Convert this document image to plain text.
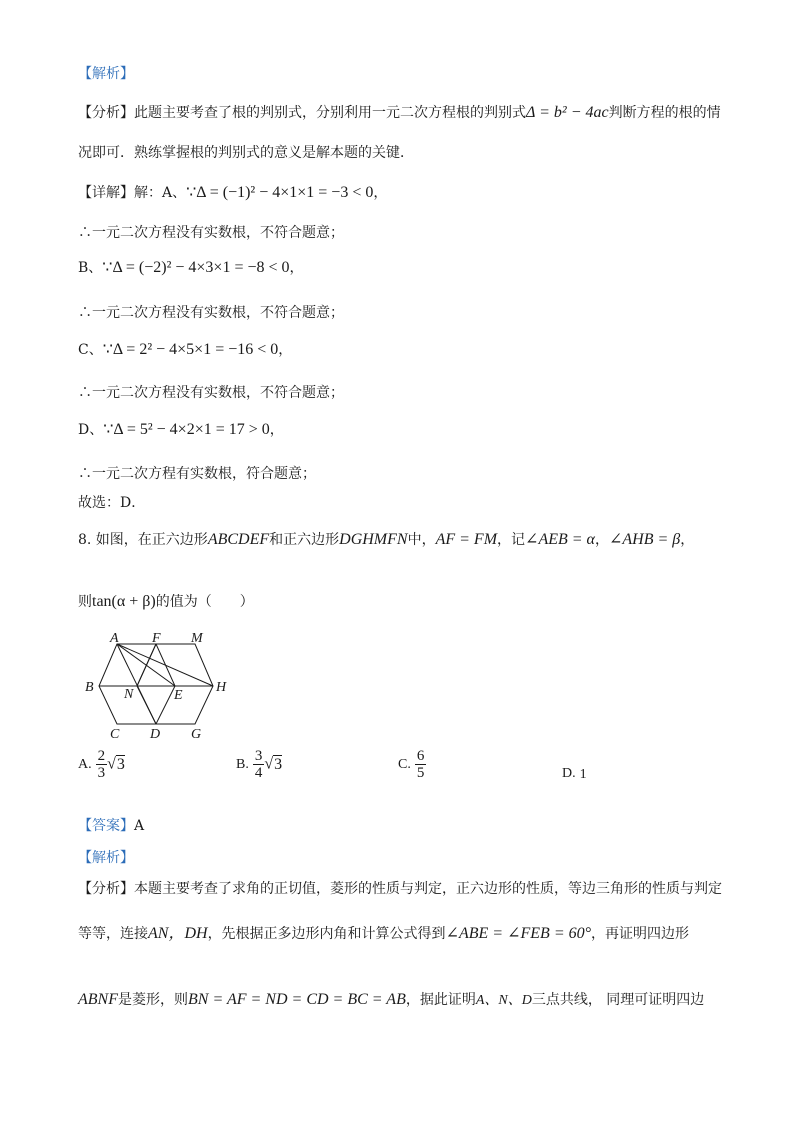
【解析】
【分析】此题主要考查了根的判别式，分别利用一元二次方程根的判别式Δ = b² − 4ac判断方程的根的情
况即可．熟练掌握根的判别式的意义是解本题的关键．
【详解】解：A、∵Δ = (−1)² − 4×1×1 = −3 < 0，
∴一元二次方程没有实数根，不符合题意；
B、∵Δ = (−2)² − 4×3×1 = −8 < 0，
∴一元二次方程没有实数根，不符合题意；
C、∵Δ = 2² − 4×5×1 = −16 < 0，
∴一元二次方程没有实数根，不符合题意；
D、∵Δ = 5² − 4×2×1 = 17 > 0，
∴一元二次方程有实数根，符合题意；
故选：D．
8. 如图，在正六边形ABCDEF和正六边形DGHMFN中，AF = FM，记∠AEB = α，∠AHB = β，
则tan(α + β)的值为（　　）
A F M
B N	E
H
C D G
A. $\frac{2}{3} √3$	B. $\frac{3}{4} √3$	C. $\frac{6}{5}$	D. 1
【答案】A
【解析】
【分析】本题主要考查了求角的正切值，菱形的性质与判定，正六边形的性质，等边三角形的性质与判定
等等，连接AN，DH，先根据正多边形内角和计算公式得到∠ABE = ∠FEB = 60°，再证明四边形
ABNF是菱形，则BN = AF = ND = CD = BC = AB，据此证明A、N、D三点共线， 同理可证明四边
